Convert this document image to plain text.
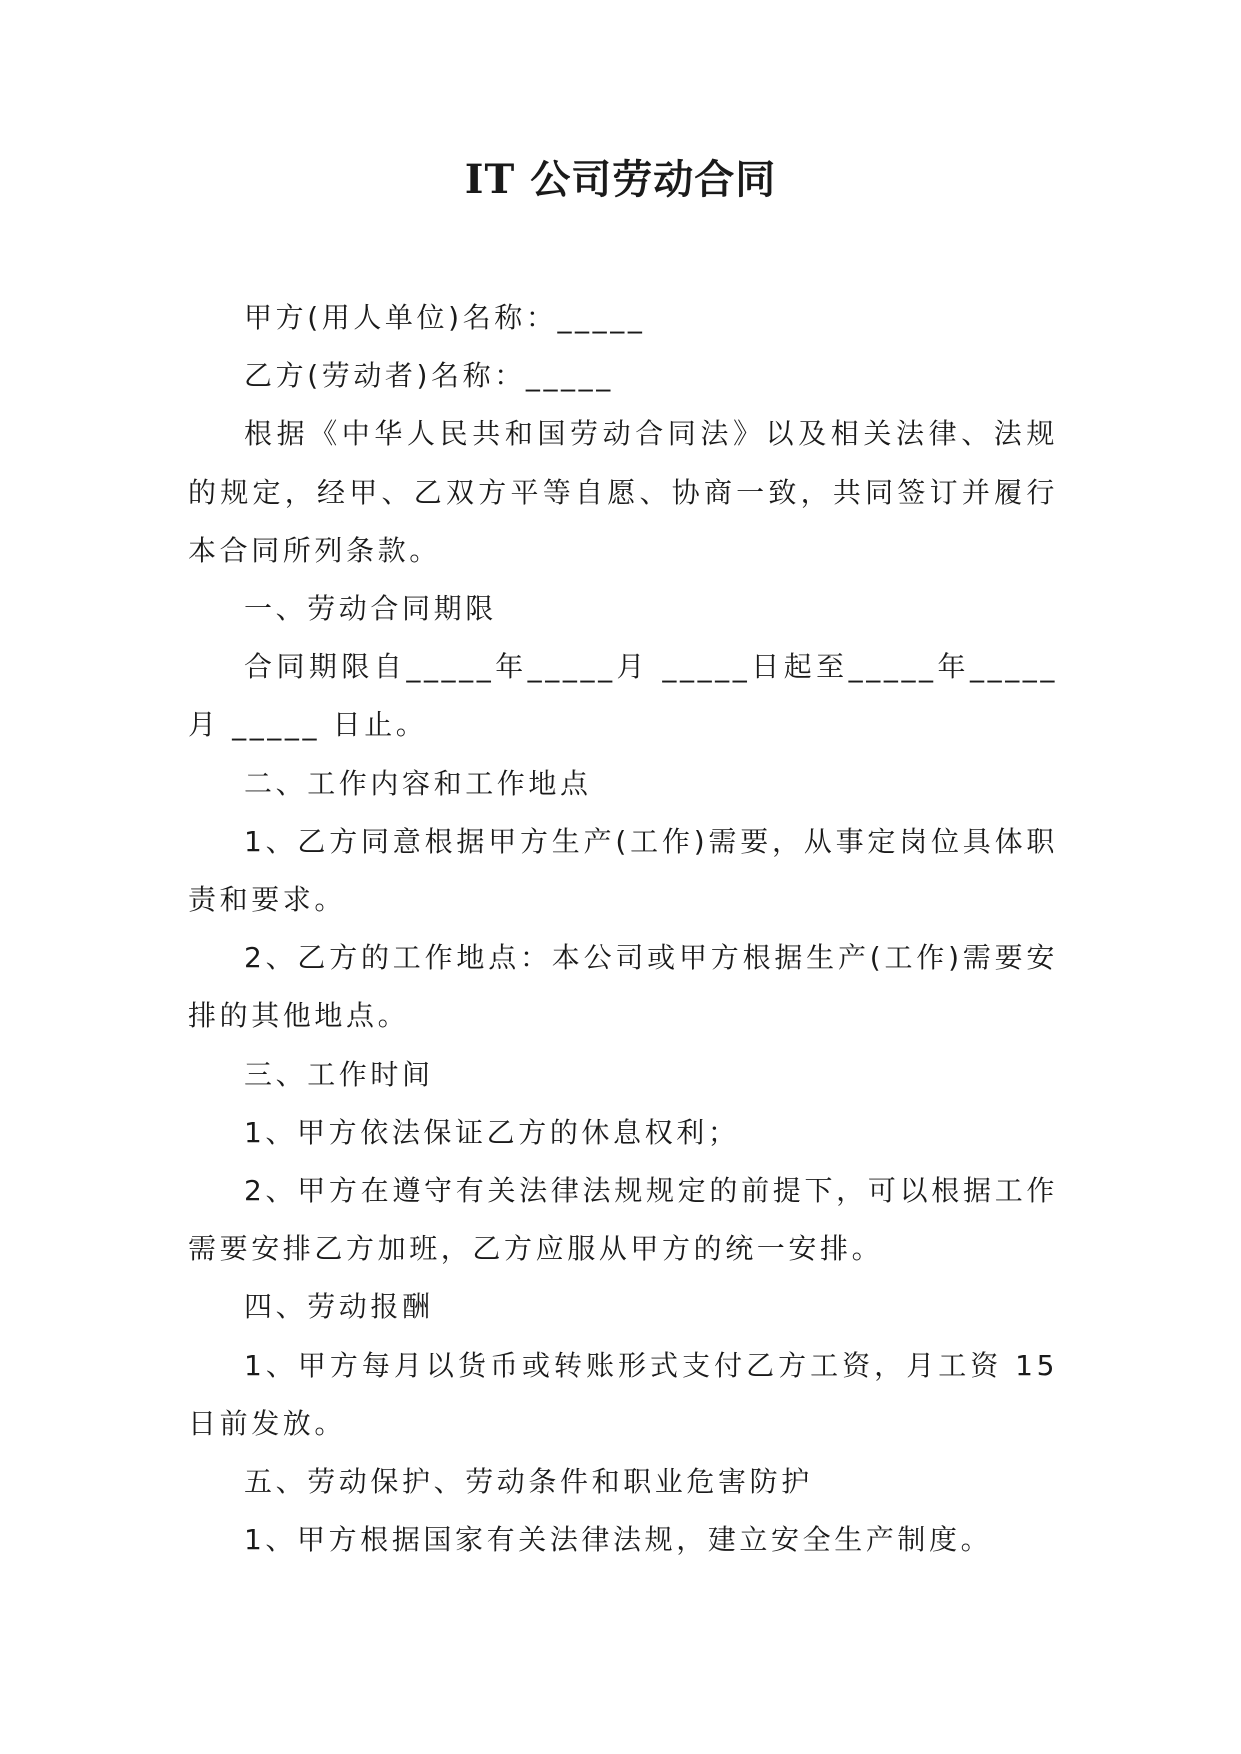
IT 公司劳动合同

甲方(用人单位)名称：_____

乙方(劳动者)名称：_____

根据《中华人民共和国劳动合同法》以及相关法律、法规的规定，经甲、乙双方平等自愿、协商一致，共同签订并履行本合同所列条款。

一、劳动合同期限

合同期限自_____年_____月 _____日起至_____年_____月 _____ 日止。

二、工作内容和工作地点

1、乙方同意根据甲方生产(工作)需要，从事定岗位具体职责和要求。

2、乙方的工作地点：本公司或甲方根据生产(工作)需要安排的其他地点。

三、工作时间

1、甲方依法保证乙方的休息权利；

2、甲方在遵守有关法律法规规定的前提下，可以根据工作需要安排乙方加班，乙方应服从甲方的统一安排。

四、劳动报酬

1、甲方每月以货币或转账形式支付乙方工资，月工资 15 日前发放。

五、劳动保护、劳动条件和职业危害防护

1、甲方根据国家有关法律法规，建立安全生产制度。
